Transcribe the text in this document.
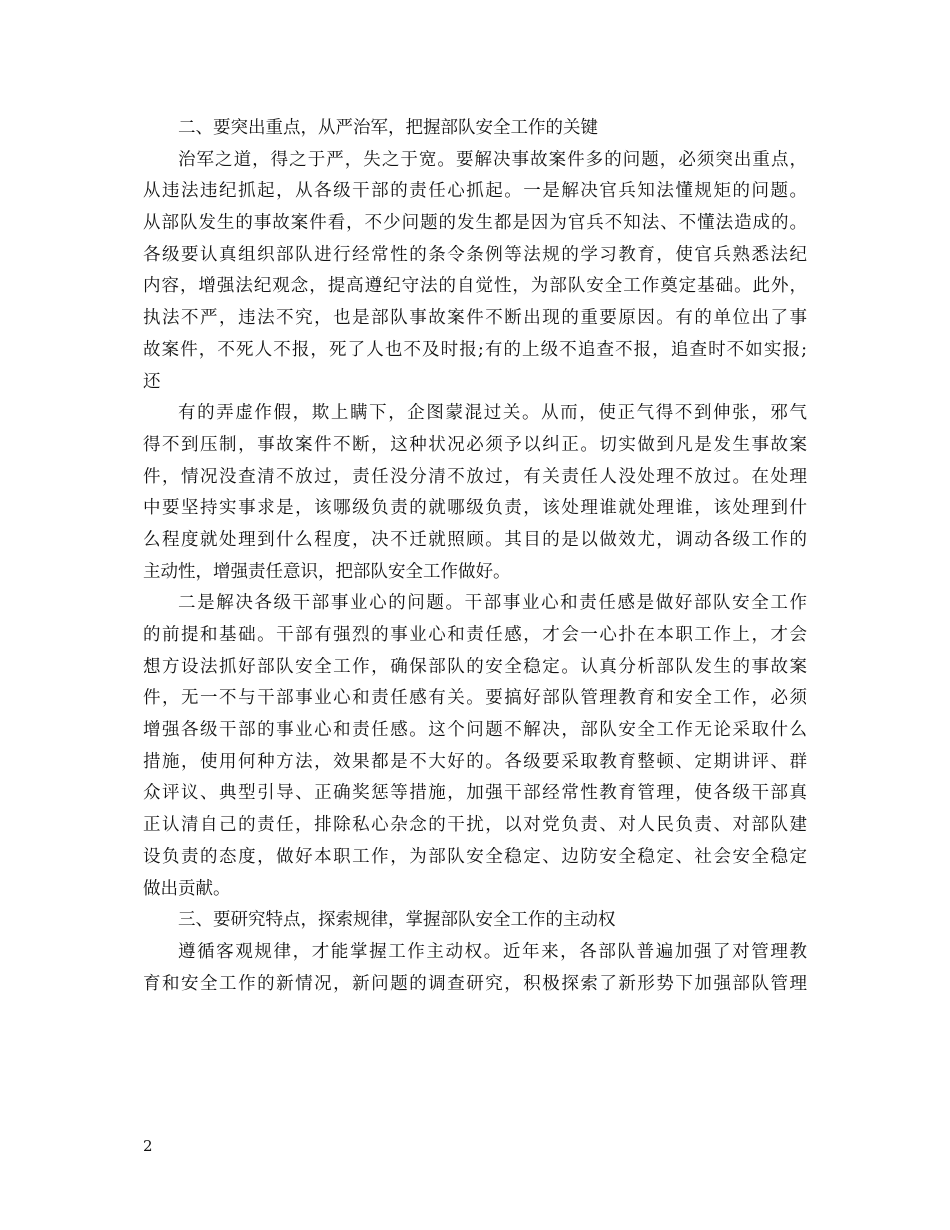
二、要突出重点，从严治军，把握部队安全工作的关键
治军之道，得之于严，失之于宽。要解决事故案件多的问题，必须突出重点，
从违法违纪抓起，从各级干部的责任心抓起。一是解决官兵知法懂规矩的问题。
从部队发生的事故案件看，不少问题的发生都是因为官兵不知法、不懂法造成的。
各级要认真组织部队进行经常性的条令条例等法规的学习教育，使官兵熟悉法纪
内容，增强法纪观念，提高遵纪守法的自觉性，为部队安全工作奠定基础。此外，
执法不严，违法不究，也是部队事故案件不断出现的重要原因。有的单位出了事
故案件，不死人不报，死了人也不及时报;有的上级不追查不报，追查时不如实报;
还
有的弄虚作假，欺上瞒下，企图蒙混过关。从而，使正气得不到伸张，邪气
得不到压制，事故案件不断，这种状况必须予以纠正。切实做到凡是发生事故案
件，情况没查清不放过，责任没分清不放过，有关责任人没处理不放过。在处理
中要坚持实事求是，该哪级负责的就哪级负责，该处理谁就处理谁，该处理到什
么程度就处理到什么程度，决不迁就照顾。其目的是以做效尤，调动各级工作的
主动性，增强责任意识，把部队安全工作做好。
二是解决各级干部事业心的问题。干部事业心和责任感是做好部队安全工作
的前提和基础。干部有强烈的事业心和责任感，才会一心扑在本职工作上，才会
想方设法抓好部队安全工作，确保部队的安全稳定。认真分析部队发生的事故案
件，无一不与干部事业心和责任感有关。要搞好部队管理教育和安全工作，必须
增强各级干部的事业心和责任感。这个问题不解决，部队安全工作无论采取什么
措施，使用何种方法，效果都是不大好的。各级要采取教育整顿、定期讲评、群
众评议、典型引导、正确奖惩等措施，加强干部经常性教育管理，使各级干部真
正认清自己的责任，排除私心杂念的干扰，以对党负责、对人民负责、对部队建
设负责的态度，做好本职工作，为部队安全稳定、边防安全稳定、社会安全稳定
做出贡献。
三、要研究特点，探索规律，掌握部队安全工作的主动权
遵循客观规律，才能掌握工作主动权。近年来，各部队普遍加强了对管理教
育和安全工作的新情况，新问题的调查研究，积极探索了新形势下加强部队管理
2
